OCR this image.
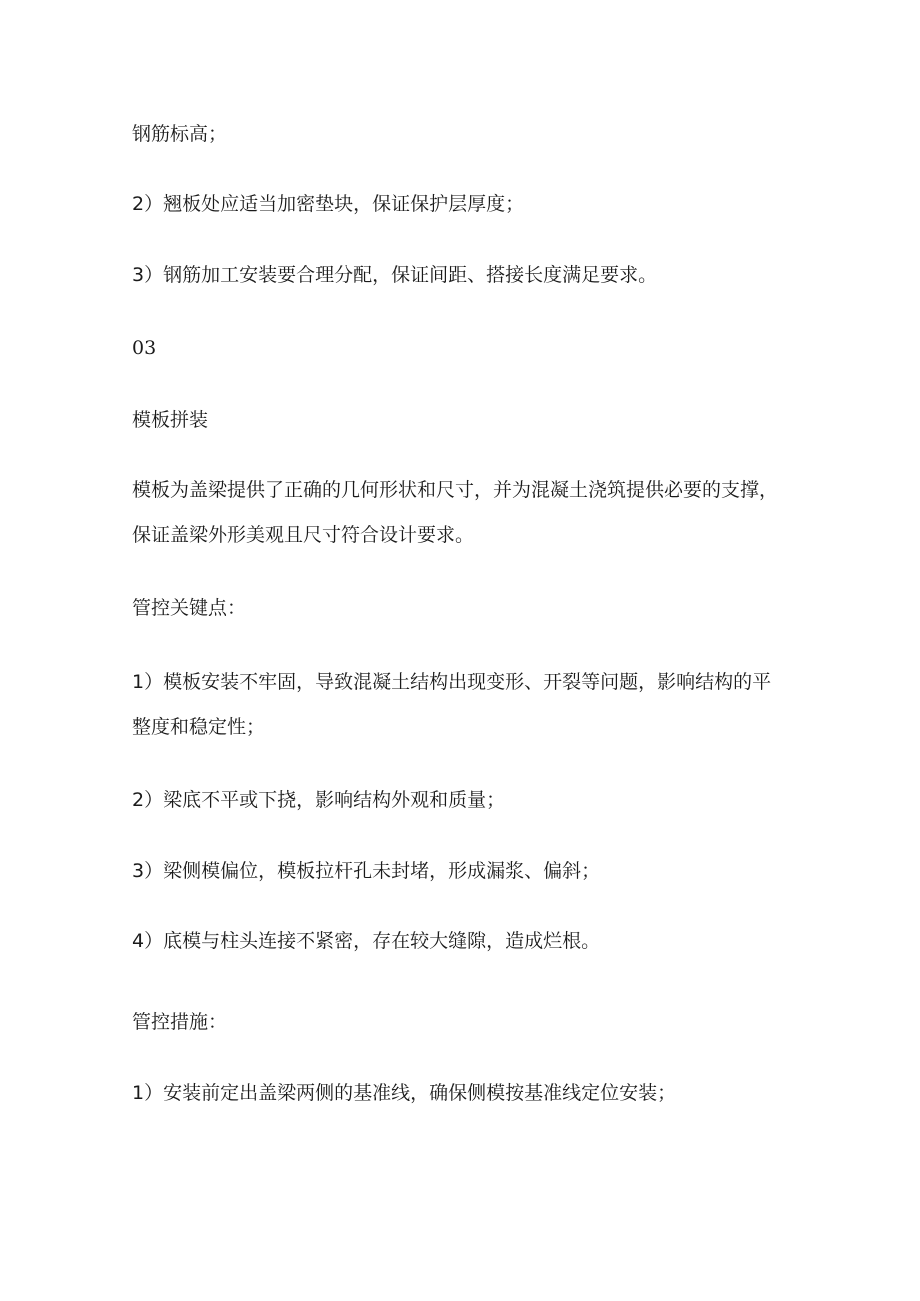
钢筋标高；

2）翘板处应适当加密垫块，保证保护层厚度；

3）钢筋加工安装要合理分配，保证间距、搭接长度满足要求。

03

模板拼装

模板为盖梁提供了正确的几何形状和尺寸，并为混凝土浇筑提供必要的支撑，保证盖梁外形美观且尺寸符合设计要求。

管控关键点：

1）模板安装不牢固，导致混凝土结构出现变形、开裂等问题，影响结构的平整度和稳定性；

2）梁底不平或下挠，影响结构外观和质量；

3）梁侧模偏位，模板拉杆孔未封堵，形成漏浆、偏斜；

4）底模与柱头连接不紧密，存在较大缝隙，造成烂根。

管控措施：

1）安装前定出盖梁两侧的基准线，确保侧模按基准线定位安装；
